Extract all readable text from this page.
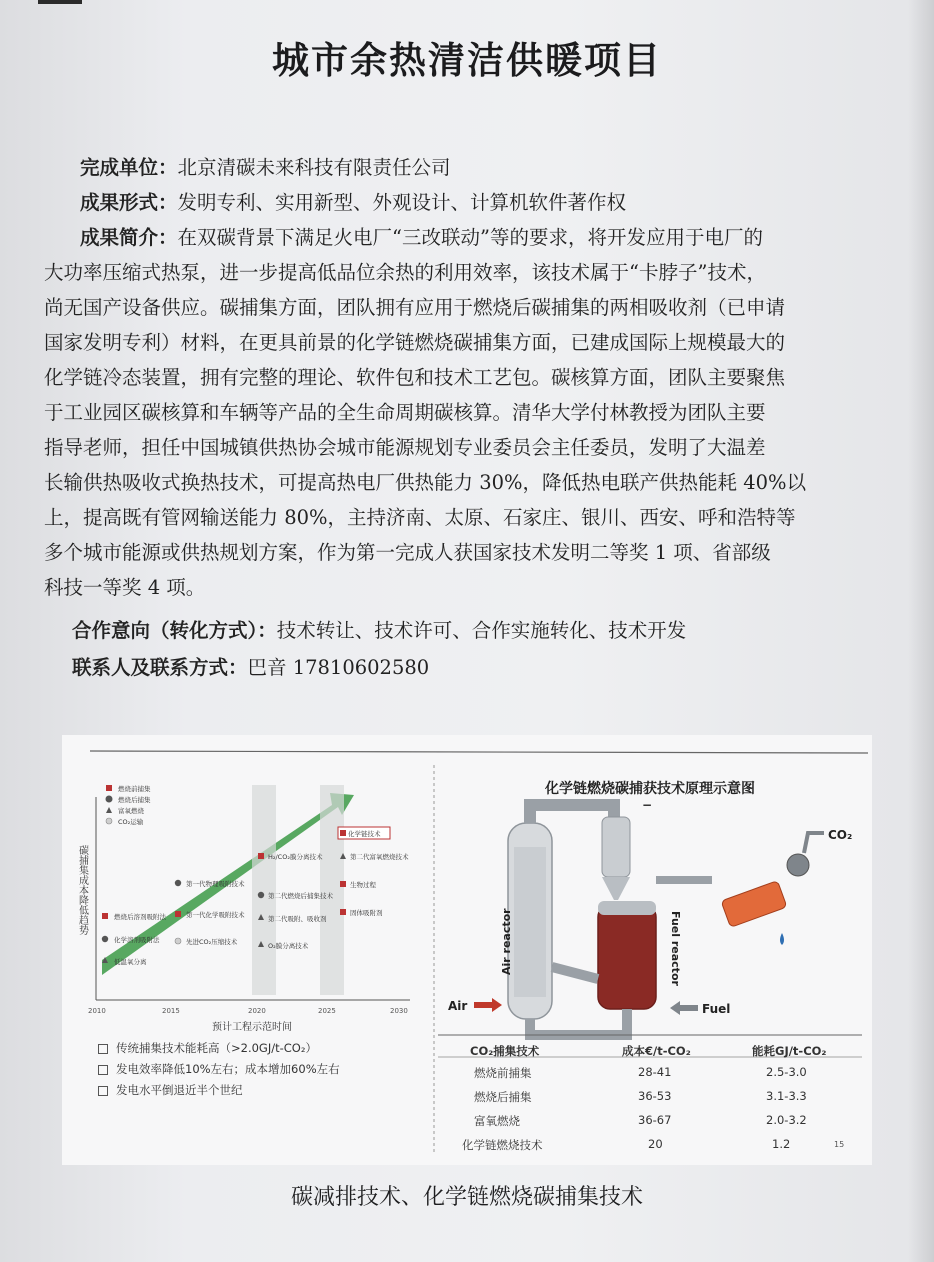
城市余热清洁供暖项目
完成单位：北京清碳未来科技有限责任公司
成果形式：发明专利、实用新型、外观设计、计算机软件著作权
成果简介：在双碳背景下满足火电厂“三改联动”等的要求，将开发应用于电厂的
大功率压缩式热泵，进一步提高低品位余热的利用效率，该技术属于“卡脖子”技术，
尚无国产设备供应。碳捕集方面，团队拥有应用于燃烧后碳捕集的两相吸收剂（已申请
国家发明专利）材料，在更具前景的化学链燃烧碳捕集方面，已建成国际上规模最大的
化学链冷态装置，拥有完整的理论、软件包和技术工艺包。碳核算方面，团队主要聚焦
于工业园区碳核算和车辆等产品的全生命周期碳核算。清华大学付林教授为团队主要
指导老师，担任中国城镇供热协会城市能源规划专业委员会主任委员，发明了大温差
长输供热吸收式换热技术，可提高热电厂供热能力 30%，降低热电联产供热能耗 40%以
上，提高既有管网输送能力 80%，主持济南、太原、石家庄、银川、西安、呼和浩特等
多个城市能源或供热规划方案，作为第一完成人获国家技术发明二等奖 1 项、省部级
科技一等奖 4 项。
合作意向（转化方式）：技术转让、技术许可、合作实施转化、技术开发
联系人及联系方式：巴音 17810602580
碳捕集成本降低趋势
预计工程示范时间
2010	2015	2020	2025	2030
燃烧前捕集
燃烧后捕集
富氧燃烧
CO₂运输
燃烧后溶剂吸附法
化学溶剂吸附法
低温氧分离
第一代物理吸附技术
第一代化学吸附技术
先进CO₂压缩技术
H₂/CO₂膜分离技术
第二代燃烧后捕集技术
第二代吸附、吸收剂
O₂膜分离技术
化学链技术
第二代富氧燃烧技术
生物过程
固体吸附剂
化学链燃烧碳捕获技术原理示意图
−
Air reactor	Fuel reactor
CO₂
Air	Fuel
15
传统捕集技术能耗高（>2.0GJ/t-CO₂）
发电效率降低10%左右；成本增加60%左右
发电水平倒退近半个世纪
CO₂捕集技术	成本€/t-CO₂	能耗GJ/t-CO₂
燃烧前捕集	28-41	2.5-3.0
燃烧后捕集	36-53	3.1-3.3
富氧燃烧	36-67	2.0-3.2
化学链燃烧技术	20	1.2
碳减排技术、化学链燃烧碳捕集技术
